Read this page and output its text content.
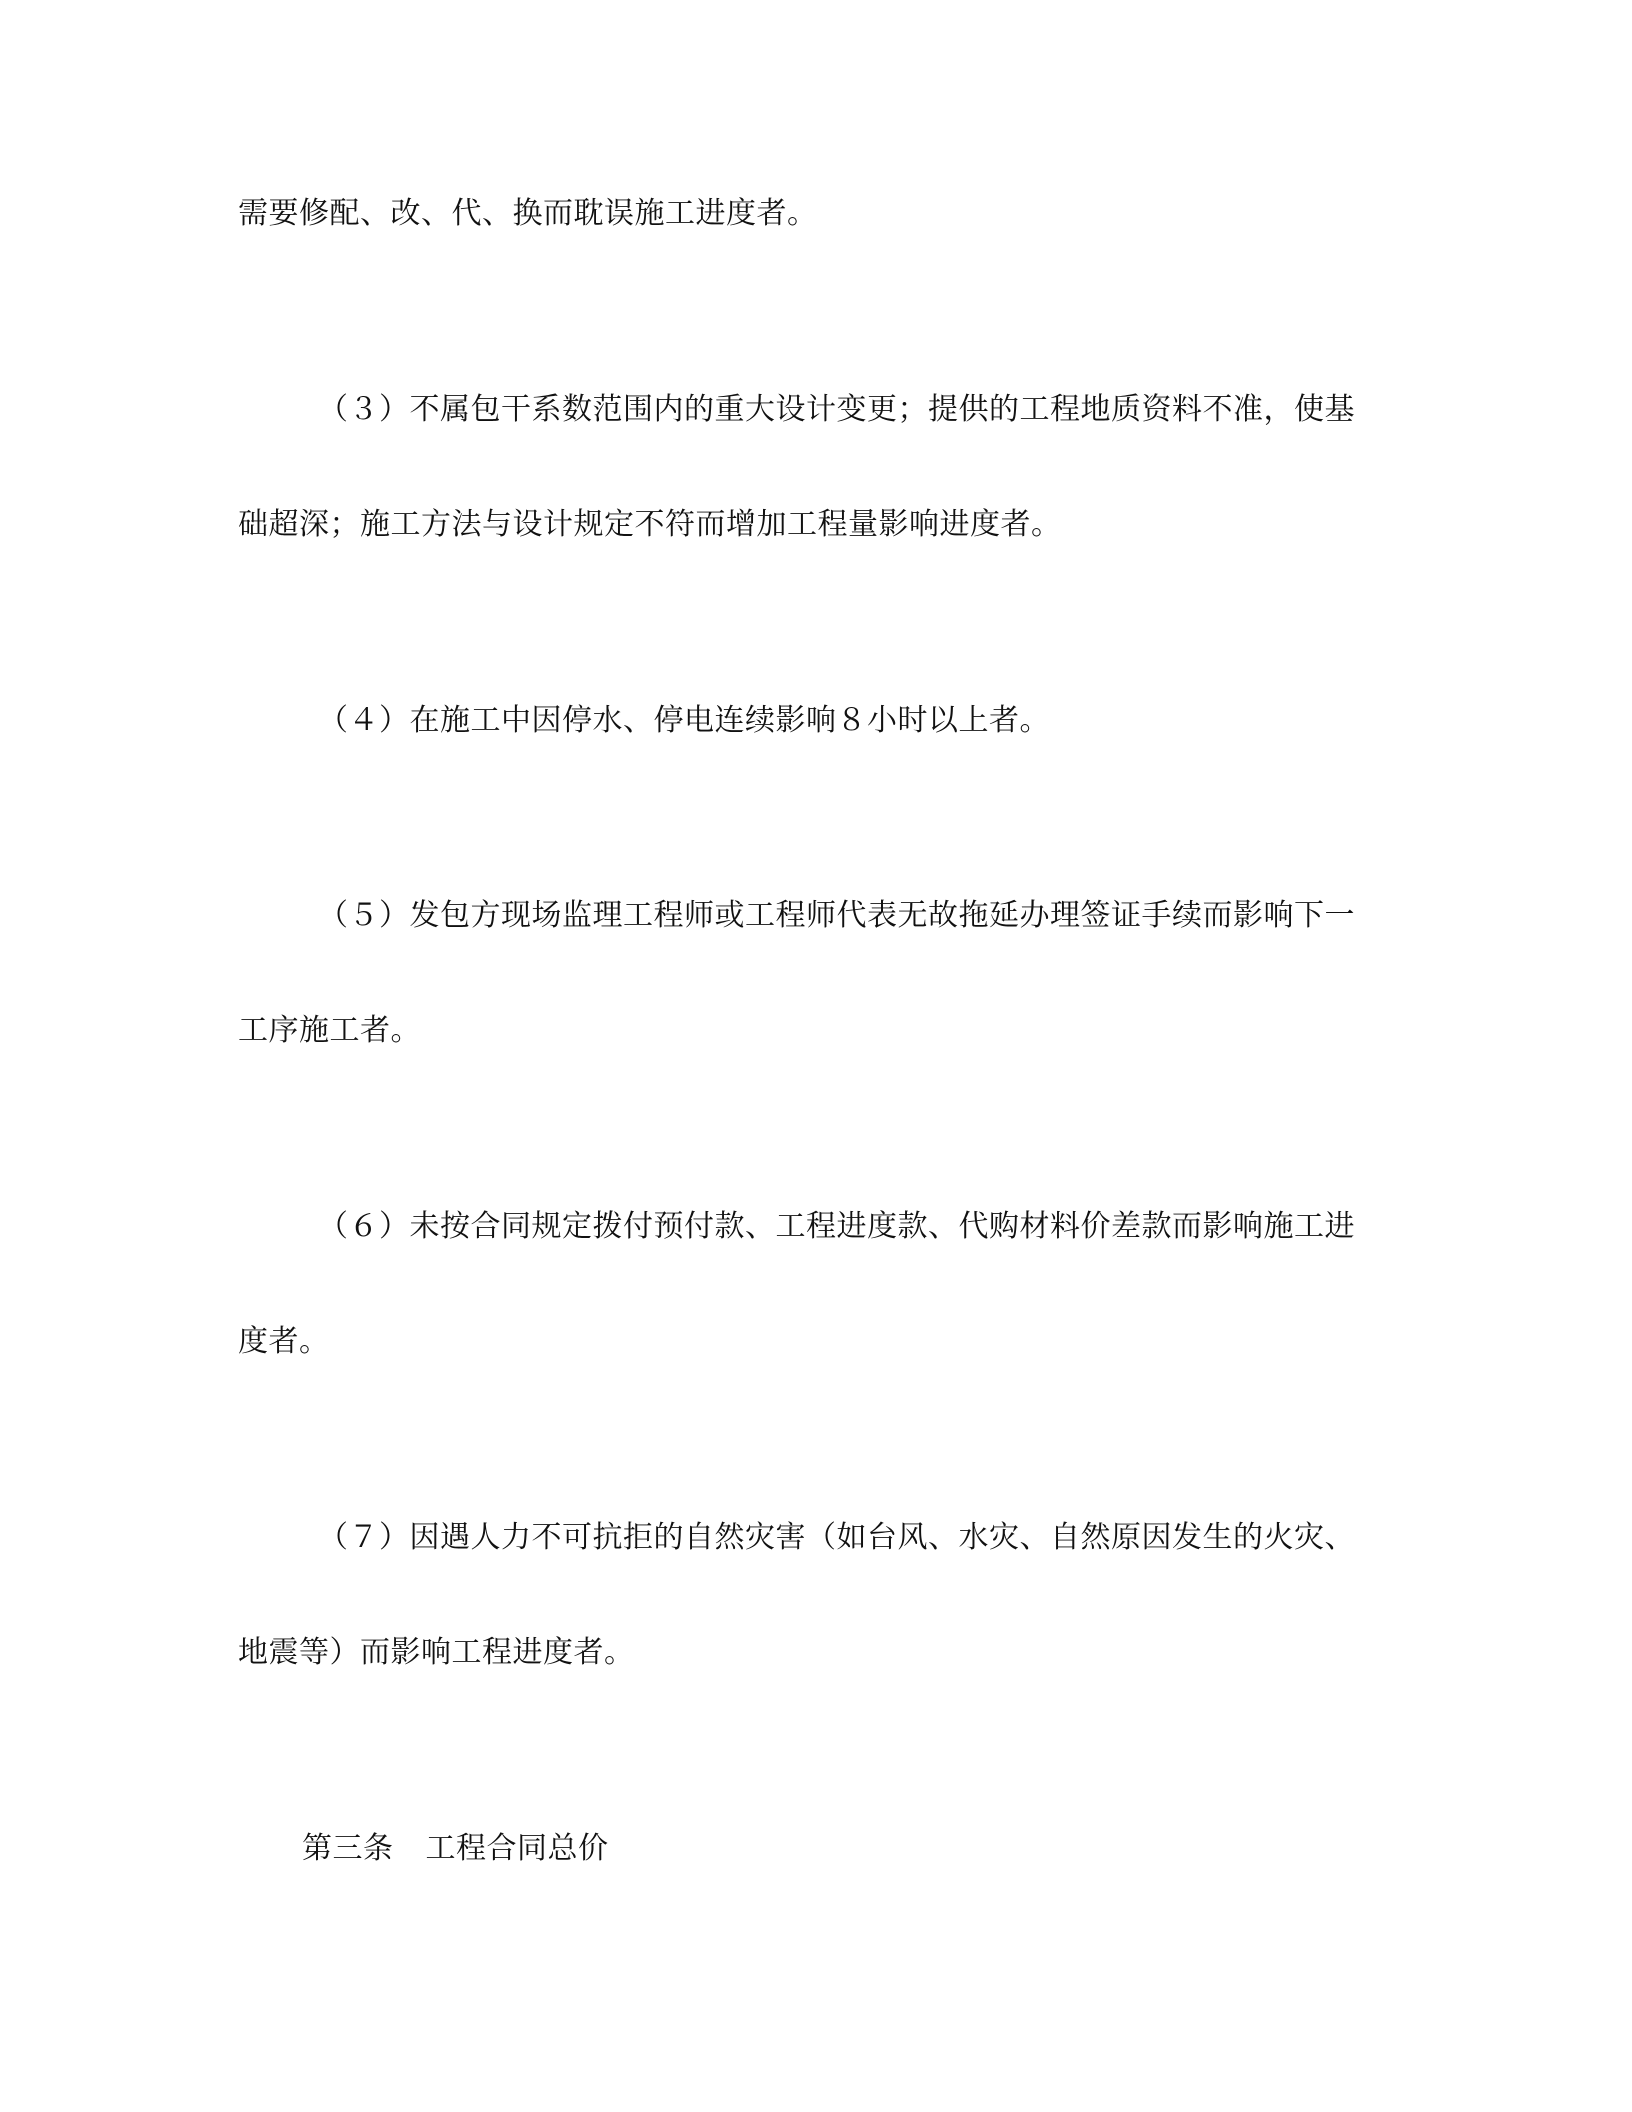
需要修配、改、代、换而耽误施工进度者。
（３）不属包干系数范围内的重大设计变更；提供的工程地质资料不准，使基
础超深；施工方法与设计规定不符而增加工程量影响进度者。
（４）在施工中因停水、停电连续影响８小时以上者。
（５）发包方现场监理工程师或工程师代表无故拖延办理签证手续而影响下一
工序施工者。
（６）未按合同规定拨付预付款、工程进度款、代购材料价差款而影响施工进
度者。
（７）因遇人力不可抗拒的自然灾害（如台风、水灾、自然原因发生的火灾、
地震等）而影响工程进度者。
第三条 工程合同总价
